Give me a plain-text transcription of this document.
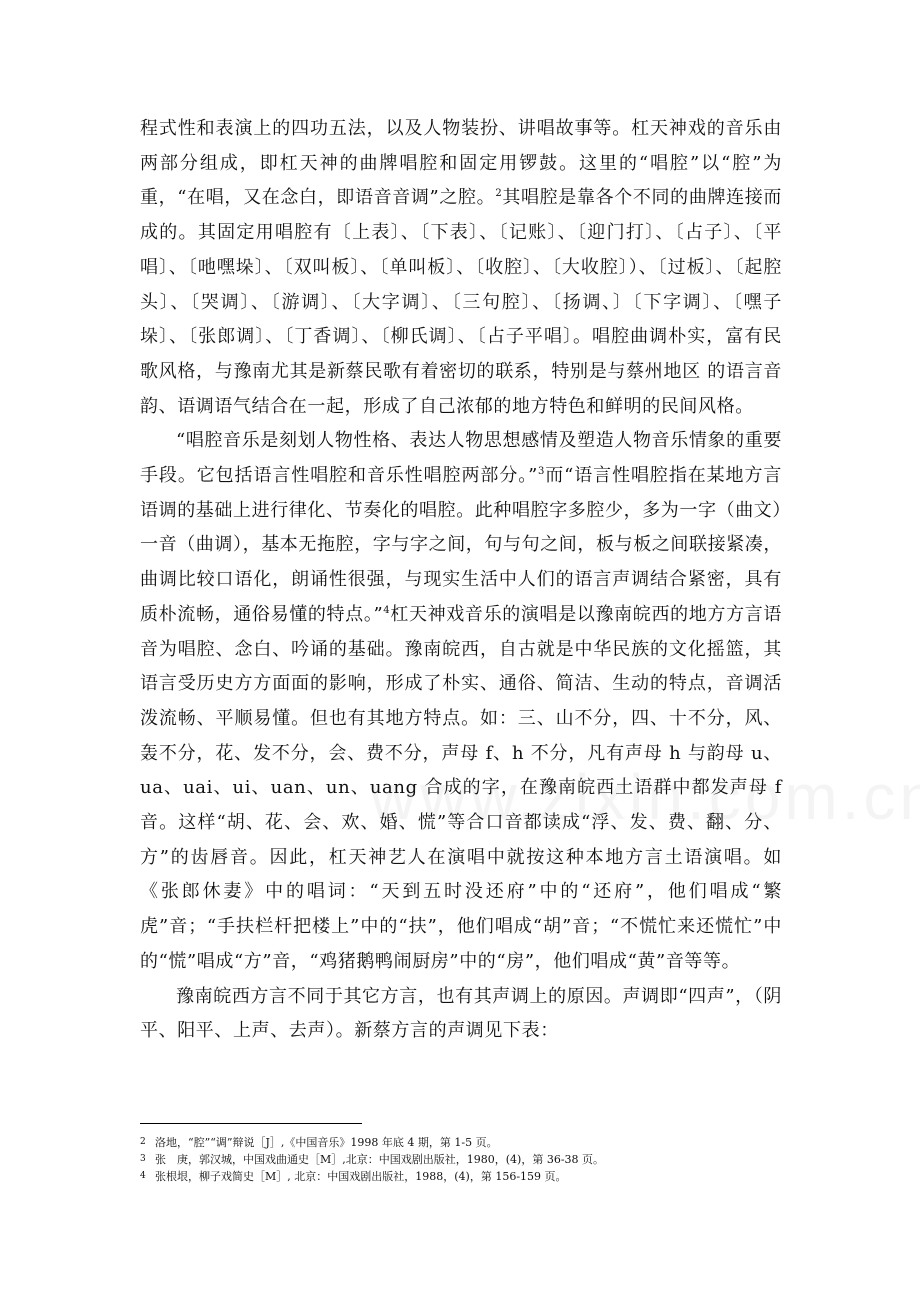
程式性和表演上的四功五法，以及人物装扮、讲唱故事等。杠天神戏的音乐由两部分组成，即杠天神的曲牌唱腔和固定用锣鼓。这里的“唱腔”以“腔”为重，“在唱，又在念白，即语音音调”之腔。$^2$其唱腔是靠各个不同的曲牌连接而成的。其固定用唱腔有〔上表〕、〔下表〕、〔记账〕、〔迎门打〕、〔占子〕、〔平唱〕、〔吔嘿垛〕、〔双叫板〕、〔单叫板〕、〔收腔〕、〔大收腔〕）、〔过板〕、〔起腔头〕、〔哭调〕、〔游调〕、〔大字调〕、〔三句腔〕、〔扬调、〕〔下字调〕、〔嘿子垛〕、〔张郎调〕、〔丁香调〕、〔柳氏调〕、〔占子平唱〕。唱腔曲调朴实，富有民歌风格，与豫南尤其是新蔡民歌有着密切的联系，特别是与蔡州地区 的语言音韵、语调语气结合在一起，形成了自己浓郁的地方特色和鲜明的民间风格。

“唱腔音乐是刻划人物性格、表达人物思想感情及塑造人物音乐情象的重要手段。它包括语言性唱腔和音乐性唱腔两部分。”$^3$而“语言性唱腔指在某地方言语调的基础上进行律化、节奏化的唱腔。此种唱腔字多腔少，多为一字（曲文）一音（曲调），基本无拖腔，字与字之间，句与句之间，板与板之间联接紧凑，曲调比较口语化，朗诵性很强，与现实生活中人们的语言声调结合紧密，具有质朴流畅，通俗易懂的特点。”$^4$杠天神戏音乐的演唱是以豫南皖西的地方方言语音为唱腔、念白、吟诵的基础。豫南皖西，自古就是中华民族的文化摇篮，其语言受历史方方面面的影响，形成了朴实、通俗、简洁、生动的特点，音调活泼流畅、平顺易懂。但也有其地方特点。如：三、山不分，四、十不分，风、轰不分，花、发不分，会、费不分，声母 f、h 不分，凡有声母 h 与韵母 u、ua、uai、ui、uan、un、uang 合成的字，在豫南皖西土语群中都发声母 f 音。这样“胡、花、会、欢、婚、慌”等合口音都读成“浮、发、费、翻、分、方”的齿唇音。因此，杠天神艺人在演唱中就按这种本地方言土语演唱。如《张郎休妻》中的唱词：“天到五时没还府”中的“还府”，他们唱成“繁虎”音；“手扶栏杆把楼上”中的“扶”，他们唱成“胡”音；“不慌忙来还慌忙”中的“慌”唱成“方”音，“鸡猪鹅鸭闹厨房”中的“房”，他们唱成“黄”音等等。

豫南皖西方言不同于其它方言，也有其声调上的原因。声调即“四声”，（阴平、阳平、上声、去声）。新蔡方言的声调见下表：

2 洛地，“腔”“调”辩说［J］,《中国音乐》1998 年底 4 期，第 1-5 页。
3 张　庚，郭汉城，中国戏曲通史［M］,北京：中国戏剧出版社，1980，(4)，第 36-38 页。
4 张根垠，柳子戏简史［M］, 北京：中国戏剧出版社，1988，(4)，第 156-159 页。
